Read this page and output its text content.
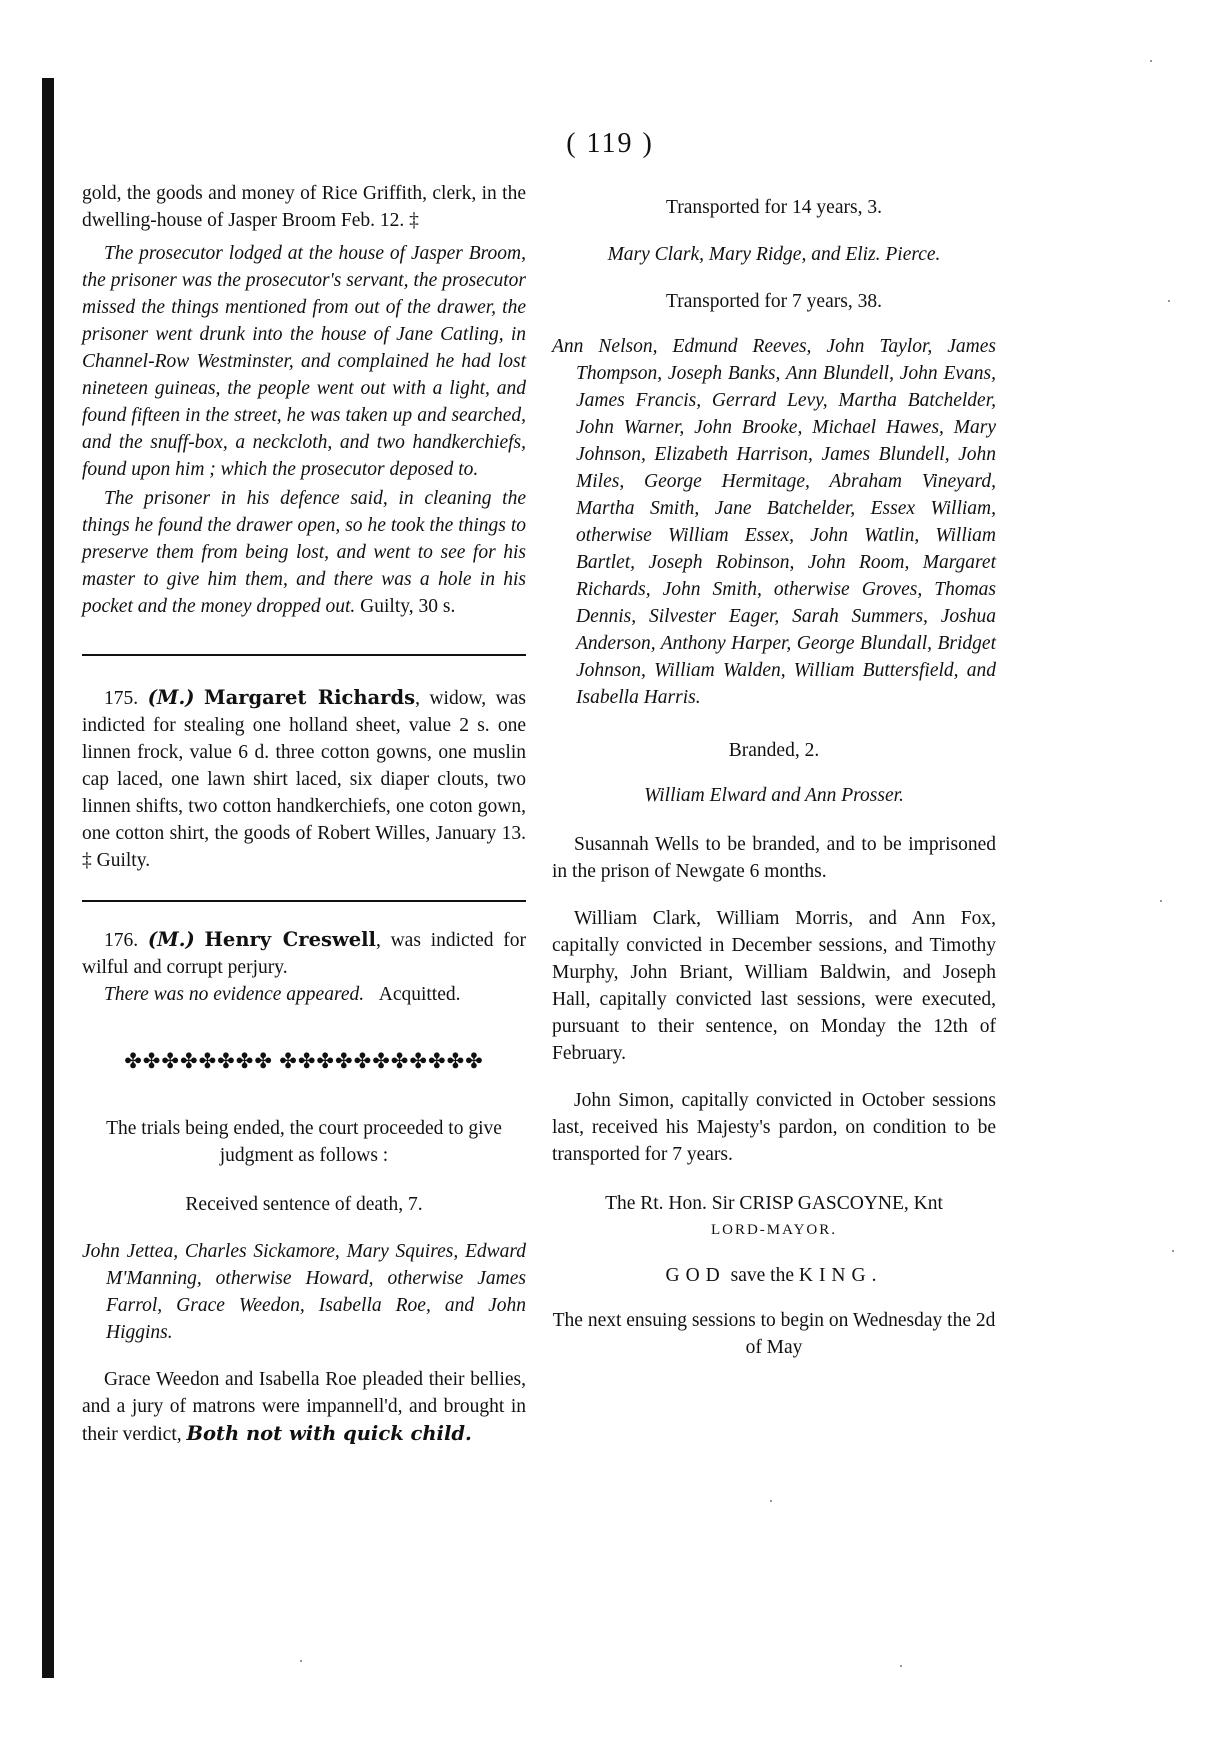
( 119 )

gold, the goods and money of Rice Griffith, clerk, in the dwelling-house of Jasper Broom Feb. 12. ‡

The prosecutor lodged at the house of Jasper Broom, the prisoner was the prosecutor's servant, the prosecutor missed the things mentioned from out of the drawer, the prisoner went drunk into the house of Jane Catling, in Channel-Row Westminster, and complained he had lost nineteen guineas, the people went out with a light, and found fifteen in the street, he was taken up and searched, and the snuff-box, a neckcloth, and two handkerchiefs, found upon him ; which the prosecutor deposed to.

The prisoner in his defence said, in cleaning the things he found the drawer open, so he took the things to preserve them from being lost, and went to see for his master to give him them, and there was a hole in his pocket and the money dropped out. Guilty, 30 s.

175. (M.) Margaret Richards, widow, was indicted for stealing one holland sheet, value 2 s. one linnen frock, value 6 d. three cotton gowns, one muslin cap laced, one lawn shirt laced, six diaper clouts, two linnen shifts, two cotton handkerchiefs, one coton gown, one cotton shirt, the goods of Robert Willes, January 13. ‡ Guilty.

176. (M.) Henry Creswell, was indicted for wilful and corrupt perjury.

There was no evidence appeared. Acquitted.

✤✤✤✤✤✤✤✤ ✤✤✤✤✤✤✤✤✤✤✤

The trials being ended, the court proceeded to give judgment as follows :

Received sentence of death, 7.

John Jettea, Charles Sickamore, Mary Squires, Edward M'Manning, otherwise Howard, otherwise James Farrol, Grace Weedon, Isabella Roe, and John Higgins.

Grace Weedon and Isabella Roe pleaded their bellies, and a jury of matrons were impannell'd, and brought in their verdict, Both not with quick child.

Transported for 14 years, 3.

Mary Clark, Mary Ridge, and Eliz. Pierce.

Transported for 7 years, 38.

Ann Nelson, Edmund Reeves, John Taylor, James Thompson, Joseph Banks, Ann Blundell, John Evans, James Francis, Gerrard Levy, Martha Batchelder, John Warner, John Brooke, Michael Hawes, Mary Johnson, Elizabeth Harrison, James Blundell, John Miles, George Hermitage, Abraham Vineyard, Martha Smith, Jane Batchelder, Essex William, otherwise William Essex, John Watlin, William Bartlet, Joseph Robinson, John Room, Margaret Richards, John Smith, otherwise Groves, Thomas Dennis, Silvester Eager, Sarah Summers, Joshua Anderson, Anthony Harper, George Blundall, Bridget Johnson, William Walden, William Buttersfield, and Isabella Harris.

Branded, 2.

William Elward and Ann Prosser.

Susannah Wells to be branded, and to be imprisoned in the prison of Newgate 6 months.

William Clark, William Morris, and Ann Fox, capitally convicted in December sessions, and Timothy Murphy, John Briant, William Baldwin, and Joseph Hall, capitally convicted last sessions, were executed, pursuant to their sentence, on Monday the 12th of February.

John Simon, capitally convicted in October sessions last, received his Majesty's pardon, on condition to be transported for 7 years.

The Rt. Hon. Sir CRISP GASCOYNE, Knt

LORD-MAYOR.

GOD save the KING.

The next ensuing sessions to begin on Wednesday the 2d of May
